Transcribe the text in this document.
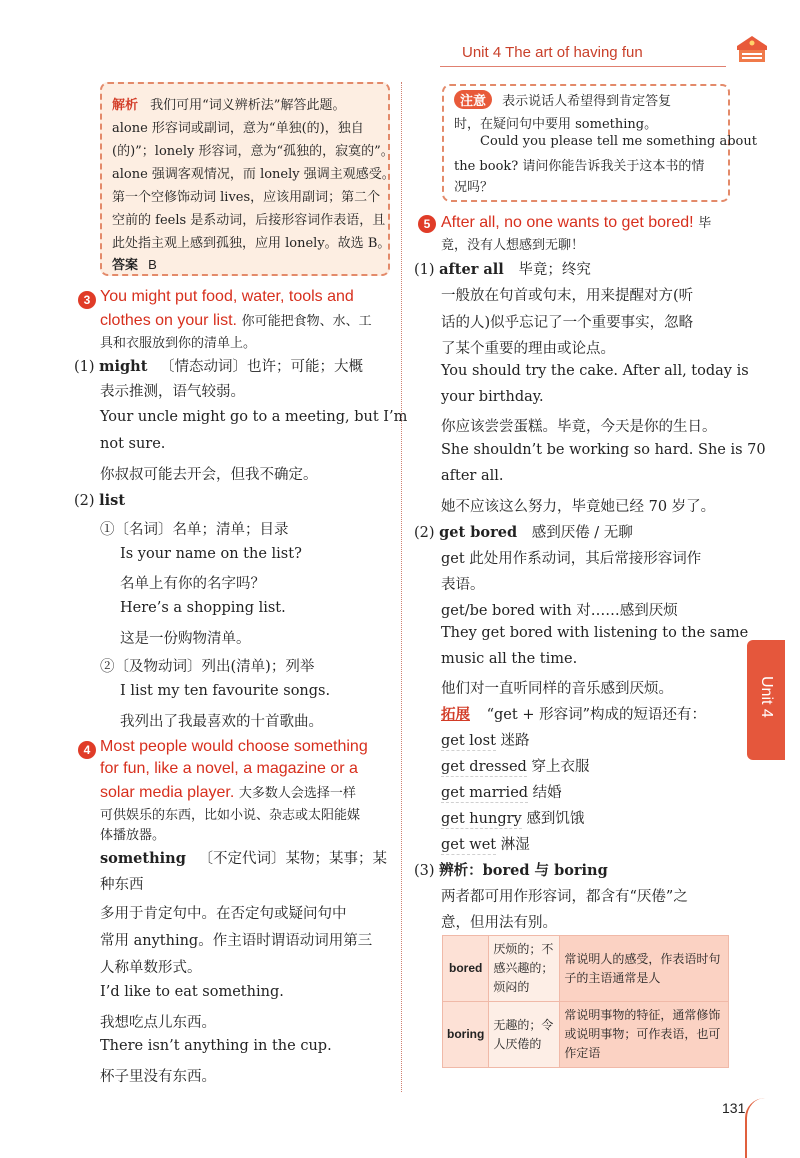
Unit 4 The art of having fun
解析 我们可用“词义辨析法”解答此题。
alone 形容词或副词，意为“单独(的)，独自
(的)”；lonely 形容词，意为“孤独的，寂寞的”。
alone 强调客观情况，而 lonely 强调主观感受。
第一个空修饰动词 lives，应该用副词；第二个
空前的 feels 是系动词，后接形容词作表语，且
此处指主观上感到孤独，应用 lonely。故选 B。
答案 B
注意 表示说话人希望得到肯定答复
时，在疑问句中要用 something。
Could you please tell me something about
the book? 请问你能告诉我关于这本书的情
况吗？
3 You might put food, water, tools and
clothes on your list. 你可能把食物、水、工
具和衣服放到你的清单上。
(1) might 〔情态动词〕也许；可能；大概
表示推测，语气较弱。
Your uncle might go to a meeting, but I’m
not sure.
你叔叔可能去开会，但我不确定。
(2) list
①〔名词〕名单；清单；目录
Is your name on the list?
名单上有你的名字吗？
Here’s a shopping list.
这是一份购物清单。
②〔及物动词〕列出(清单)；列举
I list my ten favourite songs.
我列出了我最喜欢的十首歌曲。
4 Most people would choose something
for fun, like a novel, a magazine or a
solar media player. 大多数人会选择一样
可供娱乐的东西，比如小说、杂志或太阳能媒
体播放器。
something 〔不定代词〕某物；某事；某
种东西
多用于肯定句中。在否定句或疑问句中
常用 anything。作主语时谓语动词用第三
人称单数形式。
I’d like to eat something.
我想吃点儿东西。
There isn’t anything in the cup.
杯子里没有东西。
5 After all, no one wants to get bored! 毕
竟，没有人想感到无聊！
(1) after all 毕竟；终究
一般放在句首或句末，用来提醒对方(听
话的人)似乎忘记了一个重要事实，忽略
了某个重要的理由或论点。
You should try the cake. After all, today is
your birthday.
你应该尝尝蛋糕。毕竟，今天是你的生日。
She shouldn’t be working so hard. She is 70
after all.
她不应该这么努力，毕竟她已经 70 岁了。
(2) get bored 感到厌倦 / 无聊
get 此处用作系动词，其后常接形容词作
表语。
get/be bored with 对……感到厌烦
They get bored with listening to the same
music all the time.
他们对一直听同样的音乐感到厌烦。
拓展 “get + 形容词”构成的短语还有：
get lost 迷路
get dressed 穿上衣服
get married 结婚
get hungry 感到饥饿
get wet 淋湿
(3) 辨析：bored 与 boring
两者都可用作形容词，都含有“厌倦”之
意，但用法有别。
bored	厌烦的；不感兴趣的；烦闷的	常说明人的感受，作表语时句子的主语通常是人
boring	无趣的；令人厌倦的	常说明事物的特征，通常修饰或说明事物；可作表语，也可作定语
Unit 4
131
